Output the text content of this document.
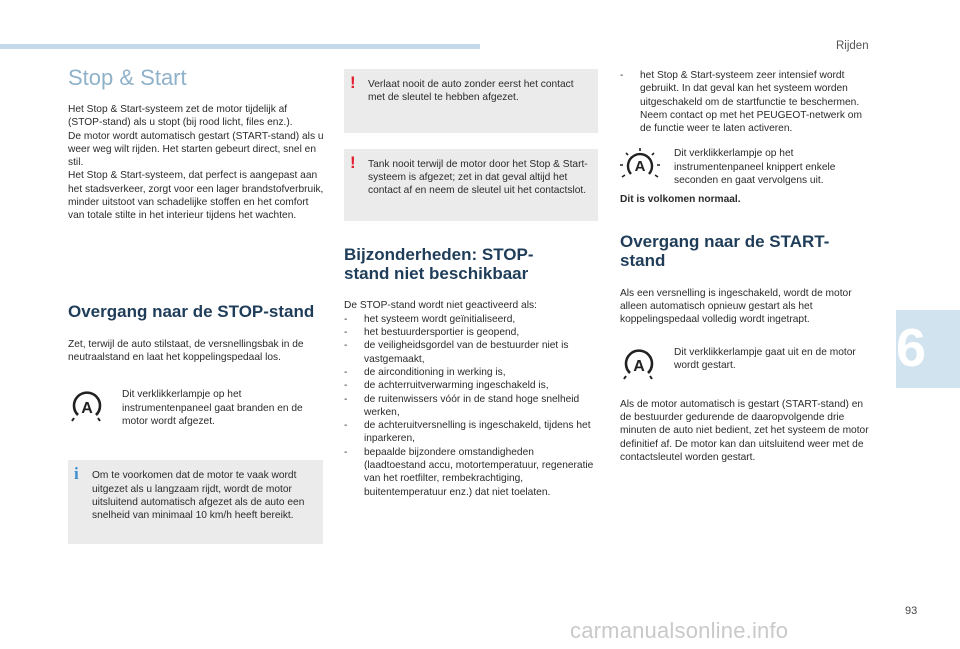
Rijden
6
93
carmanualsonline.info
Stop & Start
Het Stop & Start-systeem zet de motor tijdelijk af (STOP-stand) als u stopt (bij rood licht, files enz.).
De motor wordt automatisch gestart (START-stand) als u weer weg wilt rijden. Het starten gebeurt direct, snel en stil.
Het Stop & Start-systeem, dat perfect is aangepast aan het stadsverkeer, zorgt voor een lager brandstofverbruik, minder uitstoot van schadelijke stoffen en het comfort van totale stilte in het interieur tijdens het wachten.
Overgang naar de STOP-stand
Zet, terwijl de auto stilstaat, de versnellingsbak in de neutraalstand en laat het koppelingspedaal los.
A
Dit verklikkerlampje op het instrumentenpaneel gaat branden en de motor wordt afgezet.
i	Om te voorkomen dat de motor te vaak wordt uitgezet als u langzaam rijdt, wordt de motor uitsluitend automatisch afgezet als de auto een snelheid van minimaal 10 km/h heeft bereikt.
!	Verlaat nooit de auto zonder eerst het contact met de sleutel te hebben afgezet.
!	Tank nooit terwijl de motor door het Stop & Start-systeem is afgezet; zet in dat geval altijd het contact af en neem de sleutel uit het contactslot.
Bijzonderheden: STOP-stand niet beschikbaar
De STOP-stand wordt niet geactiveerd als:
- het systeem wordt geïnitialiseerd,
- het bestuurdersportier is geopend,
- de veiligheidsgordel van de bestuurder niet is vastgemaakt,
- de airconditioning in werking is,
- de achterruitverwarming ingeschakeld is,
- de ruitenwissers vóór in de stand hoge snelheid werken,
- de achteruitversnelling is ingeschakeld, tijdens het inparkeren,
- bepaalde bijzondere omstandigheden (laadtoestand accu, motortemperatuur, regeneratie van het roetfilter, rembekrachtiging, buitentemperatuur enz.) dat niet toelaten.
- het Stop & Start-systeem zeer intensief wordt gebruikt. In dat geval kan het systeem worden uitgeschakeld om de startfunctie te beschermen. Neem contact op met het PEUGEOT-netwerk om de functie weer te laten activeren.
A
Dit verklikkerlampje op het instrumentenpaneel knippert enkele seconden en gaat vervolgens uit.
Dit is volkomen normaal.
Overgang naar de START-stand
Als een versnelling is ingeschakeld, wordt de motor alleen automatisch opnieuw gestart als het koppelingspedaal volledig wordt ingetrapt.
A
Dit verklikkerlampje gaat uit en de motor wordt gestart.
Als de motor automatisch is gestart (START-stand) en de bestuurder gedurende de daaropvolgende drie minuten de auto niet bedient, zet het systeem de motor definitief af. De motor kan dan uitsluitend weer met de contactsleutel worden gestart.
